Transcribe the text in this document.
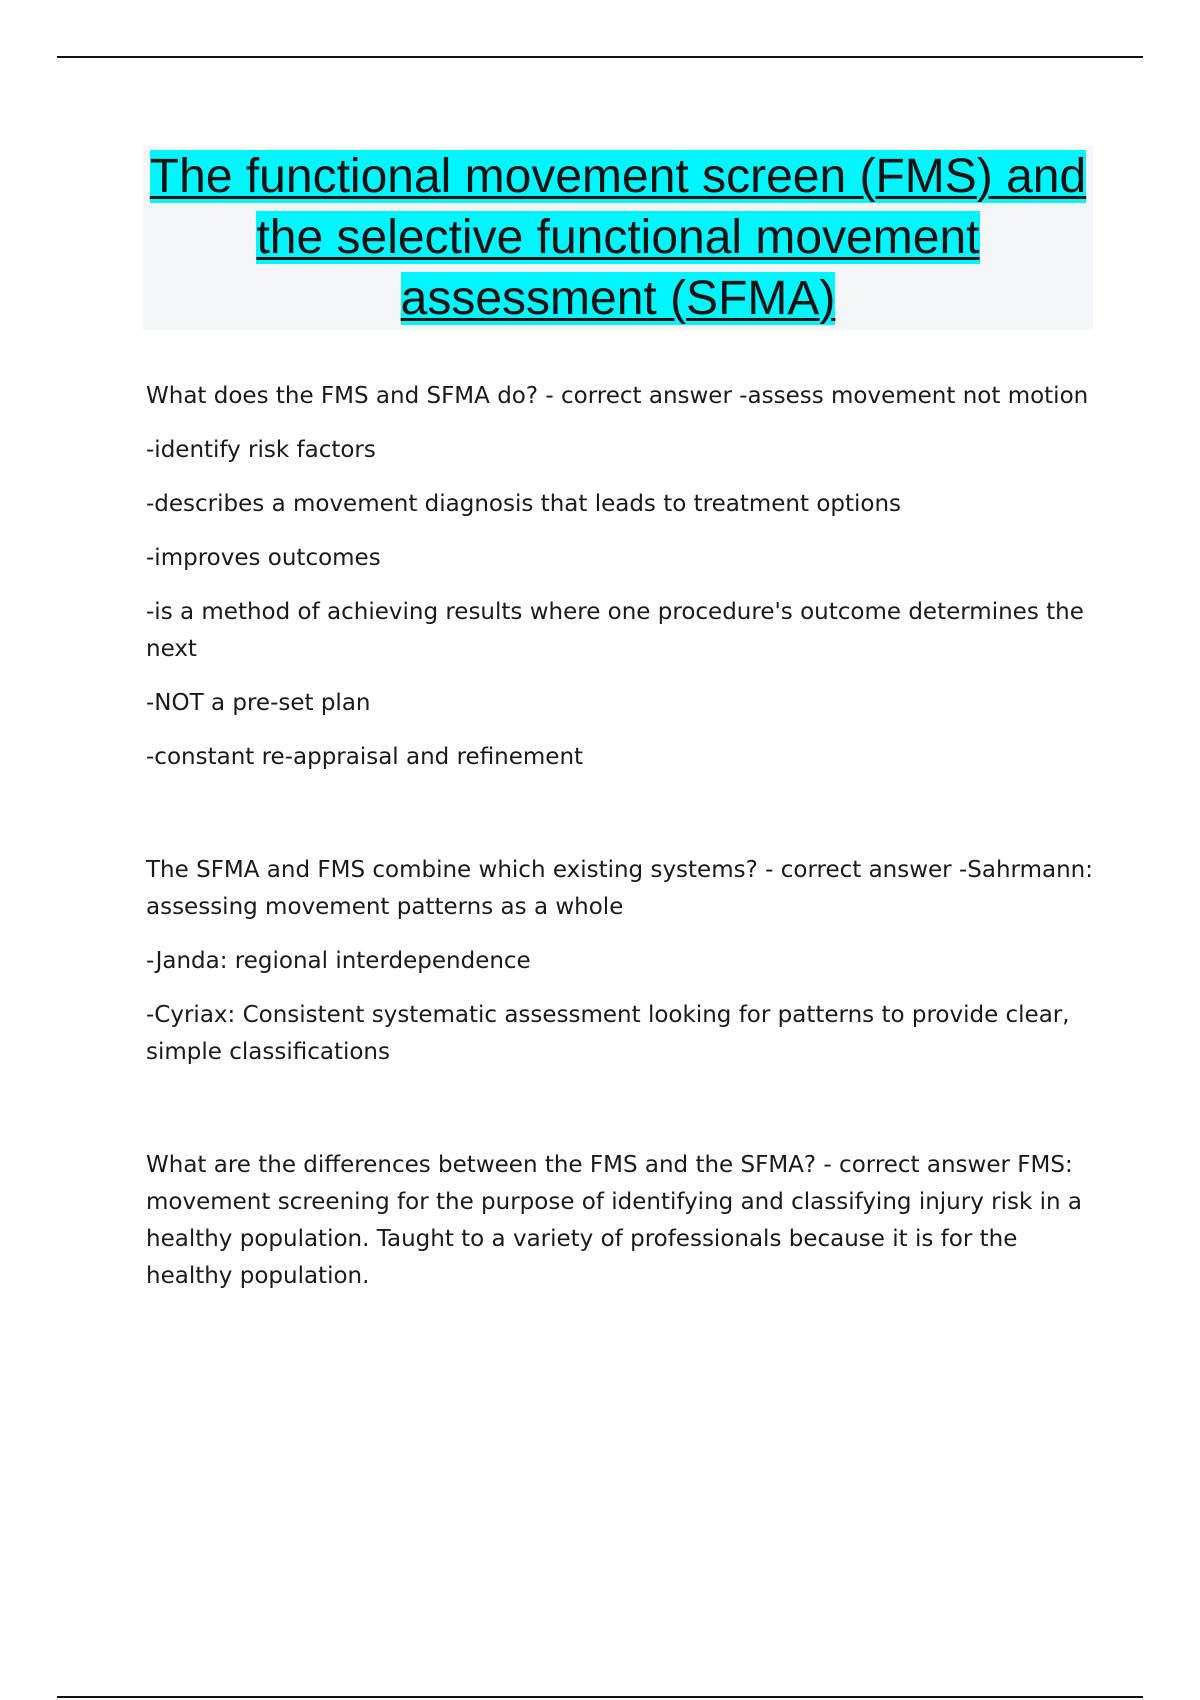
The functional movement screen (FMS) and the selective functional movement assessment (SFMA)

What does the FMS and SFMA do? - correct answer -assess movement not motion

-identify risk factors

-describes a movement diagnosis that leads to treatment options

-improves outcomes

-is a method of achieving results where one procedure's outcome determines the next

-NOT a pre-set plan

-constant re-appraisal and refinement

The SFMA and FMS combine which existing systems? - correct answer -Sahrmann: assessing movement patterns as a whole

-Janda: regional interdependence

-Cyriax: Consistent systematic assessment looking for patterns to provide clear, simple classifications

What are the differences between the FMS and the SFMA? - correct answer FMS: movement screening for the purpose of identifying and classifying injury risk in a healthy population. Taught to a variety of professionals because it is for the healthy population.
